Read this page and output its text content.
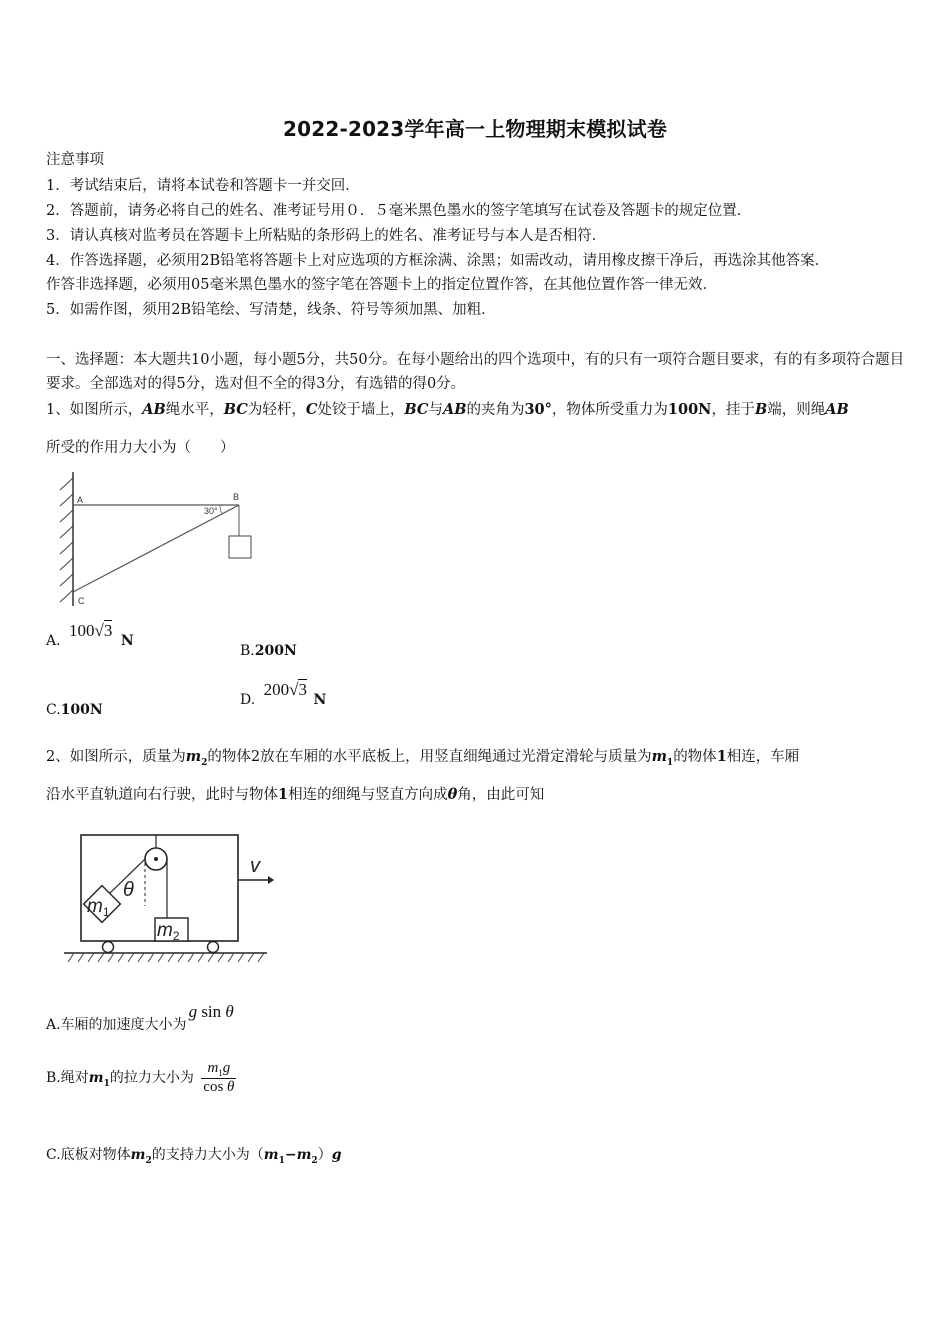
2022-2023学年高一上物理期末模拟试卷
注意事项
1．考试结束后，请将本试卷和答题卡一并交回．
2．答题前，请务必将自己的姓名、准考证号用０．５毫米黑色墨水的签字笔填写在试卷及答题卡的规定位置．
3．请认真核对监考员在答题卡上所粘贴的条形码上的姓名、准考证号与本人是否相符．
4．作答选择题，必须用2B铅笔将答题卡上对应选项的方框涂满、涂黑；如需改动，请用橡皮擦干净后，再选涂其他答案．
作答非选择题，必须用05毫米黑色墨水的签字笔在答题卡上的指定位置作答，在其他位置作答一律无效．
5．如需作图，须用2B铅笔绘、写清楚，线条、符号等须加黑、加粗．
一、选择题：本大题共10小题，每小题5分，共50分。在每小题给出的四个选项中，有的只有一项符合题目要求，有的有多项符合题目要求。全部选对的得5分，选对但不全的得3分，有选错的得0分。
1、如图所示，AB绳水平，BC为轻杆，C处铰于墙上，BC与AB的夹角为30°，物体所受重力为100N，挂于B端，则绳AB
所受的作用力大小为（　　）
A	B
C
30°
A. 100√3 N
B.200N
C.100N
D. 200√3 N
2、如图所示，质量为$m_2$的物体2放在车厢的水平底板上，用竖直细绳通过光滑定滑轮与质量为$m_1$的物体1相连，车厢
沿水平直轨道向右行驶，此时与物体1相连的细绳与竖直方向成θ角，由此可知
v
θ
$m_1$
$m_2$
A.车厢的加速度大小为g sin θ
B.绳对$m_1$的拉力大小为 $\frac{m_1g}{\text{cos θ}}$
C.底板对物体$m_2$的支持力大小为$(m_1-m_2)g$
